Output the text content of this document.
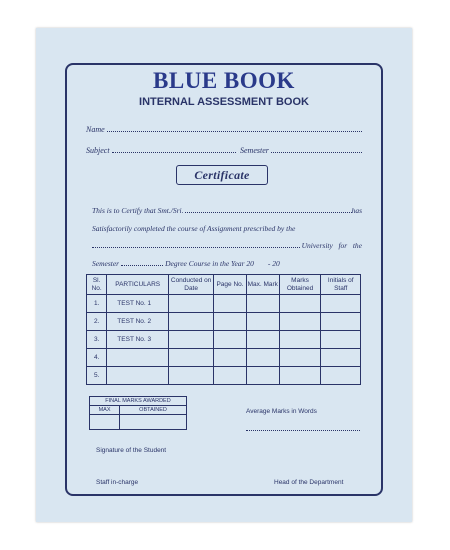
BLUE BOOK
INTERNAL ASSESSMENT BOOK
Name
Subject	Semester
Certificate
This is to Certify that Smt./Sri.	has
Satisfactorily completed the course of Assignment prescribed by the
University   for   the
Semester	Degree Course in the Year 20 - 20
Sl. No.	PARTICULARS	Conducted on Date	Page No.	Max. Mark	Marks Obtained	Initials of Staff
1.	TEST No. 1					
2.	TEST No. 2					
3.	TEST No. 3					
4.						
5.						
FINAL MARKS AWARDED	
MAX	OBTAINED
		Average Marks in Words
Signature of the Student
Staff in-charge	Head of the Department
